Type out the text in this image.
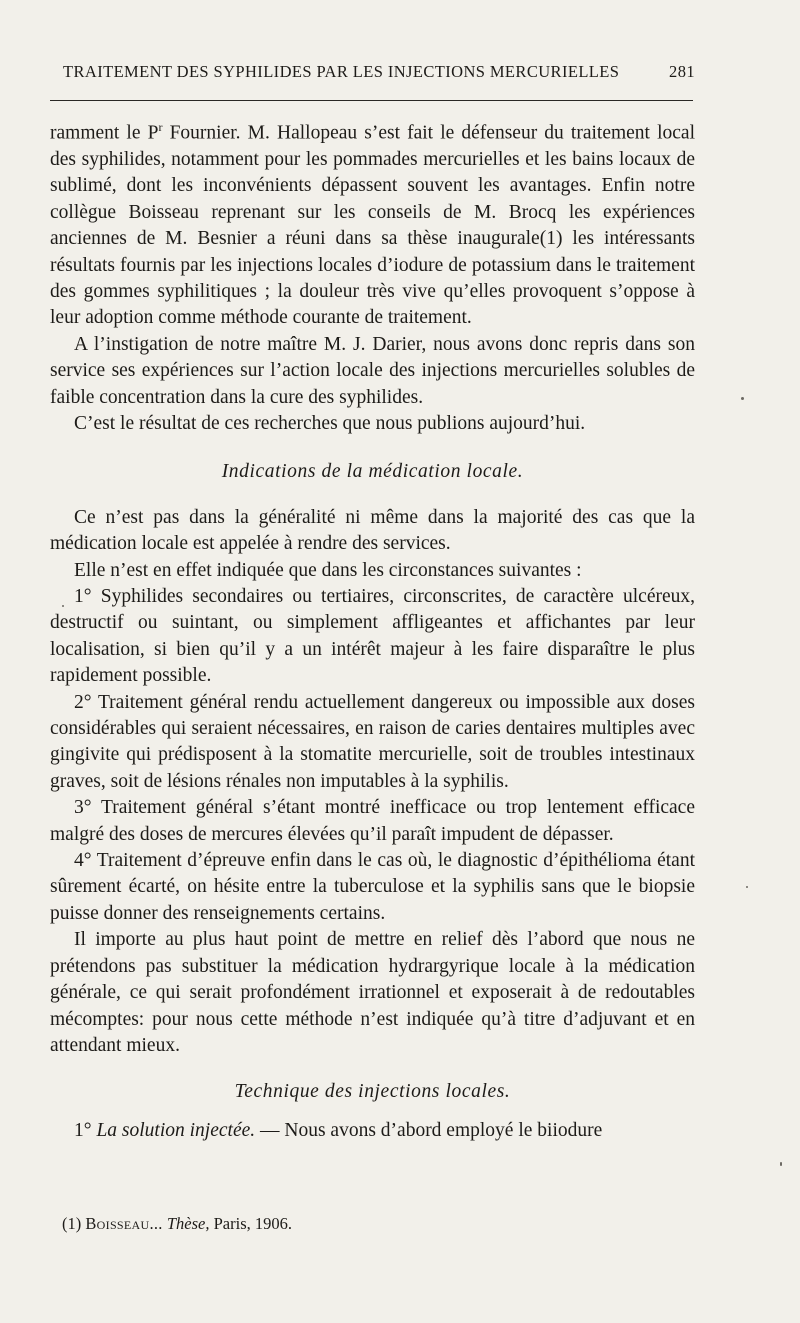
TRAITEMENT DES SYPHILIDES PAR LES INJECTIONS MERCURIELLES	281

ramment le $P^r$ Fournier. M. Hallopeau s’est fait le défenseur du traitement local des syphilides, notamment pour les pommades mercurielles et les bains locaux de sublimé, dont les inconvénients dépassent souvent les avantages. Enfin notre collègue Boisseau reprenant sur les conseils de M. Brocq les expériences anciennes de M. Besnier a réuni dans sa thèse inaugurale(1) les intéressants résultats fournis par les injections locales d’iodure de potassium dans le traitement des gommes syphilitiques ; la douleur très vive qu’elles provoquent s’oppose à leur adoption comme méthode courante de traitement.

A l’instigation de notre maître M. J. Darier, nous avons donc repris dans son service ses expériences sur l’action locale des injections mercurielles solubles de faible concentration dans la cure des syphilides.

C’est le résultat de ces recherches que nous publions aujourd’hui.

Indications de la médication locale.

Ce n’est pas dans la généralité ni même dans la majorité des cas que la médication locale est appelée à rendre des services.

Elle n’est en effet indiquée que dans les circonstances suivantes :

1° Syphilides secondaires ou tertiaires, circonscrites, de caractère ulcéreux, destructif ou suintant, ou simplement affligeantes et affichantes par leur localisation, si bien qu’il y a un intérêt majeur à les faire disparaître le plus rapidement possible.

2° Traitement général rendu actuellement dangereux ou impossible aux doses considérables qui seraient nécessaires, en raison de caries dentaires multiples avec gingivite qui prédisposent à la stomatite mercurielle, soit de troubles intestinaux graves, soit de lésions rénales non imputables à la syphilis.

3° Traitement général s’étant montré inefficace ou trop lentement efficace malgré des doses de mercures élevées qu’il paraît impudent de dépasser.

4° Traitement d’épreuve enfin dans le cas où, le diagnostic d’épithélioma étant sûrement écarté, on hésite entre la tuberculose et la syphilis sans que le biopsie puisse donner des renseignements certains.

Il importe au plus haut point de mettre en relief dès l’abord que nous ne prétendons pas substituer la médication hydrargyrique locale à la médication générale, ce qui serait profondément irrationnel et exposerait à de redoutables mécomptes: pour nous cette méthode n’est indiquée qu’à titre d’adjuvant et en attendant mieux.

Technique des injections locales.

1° La solution injectée. — Nous avons d’abord employé le biiodure

(1) Boisseau... Thèse, Paris, 1906.
